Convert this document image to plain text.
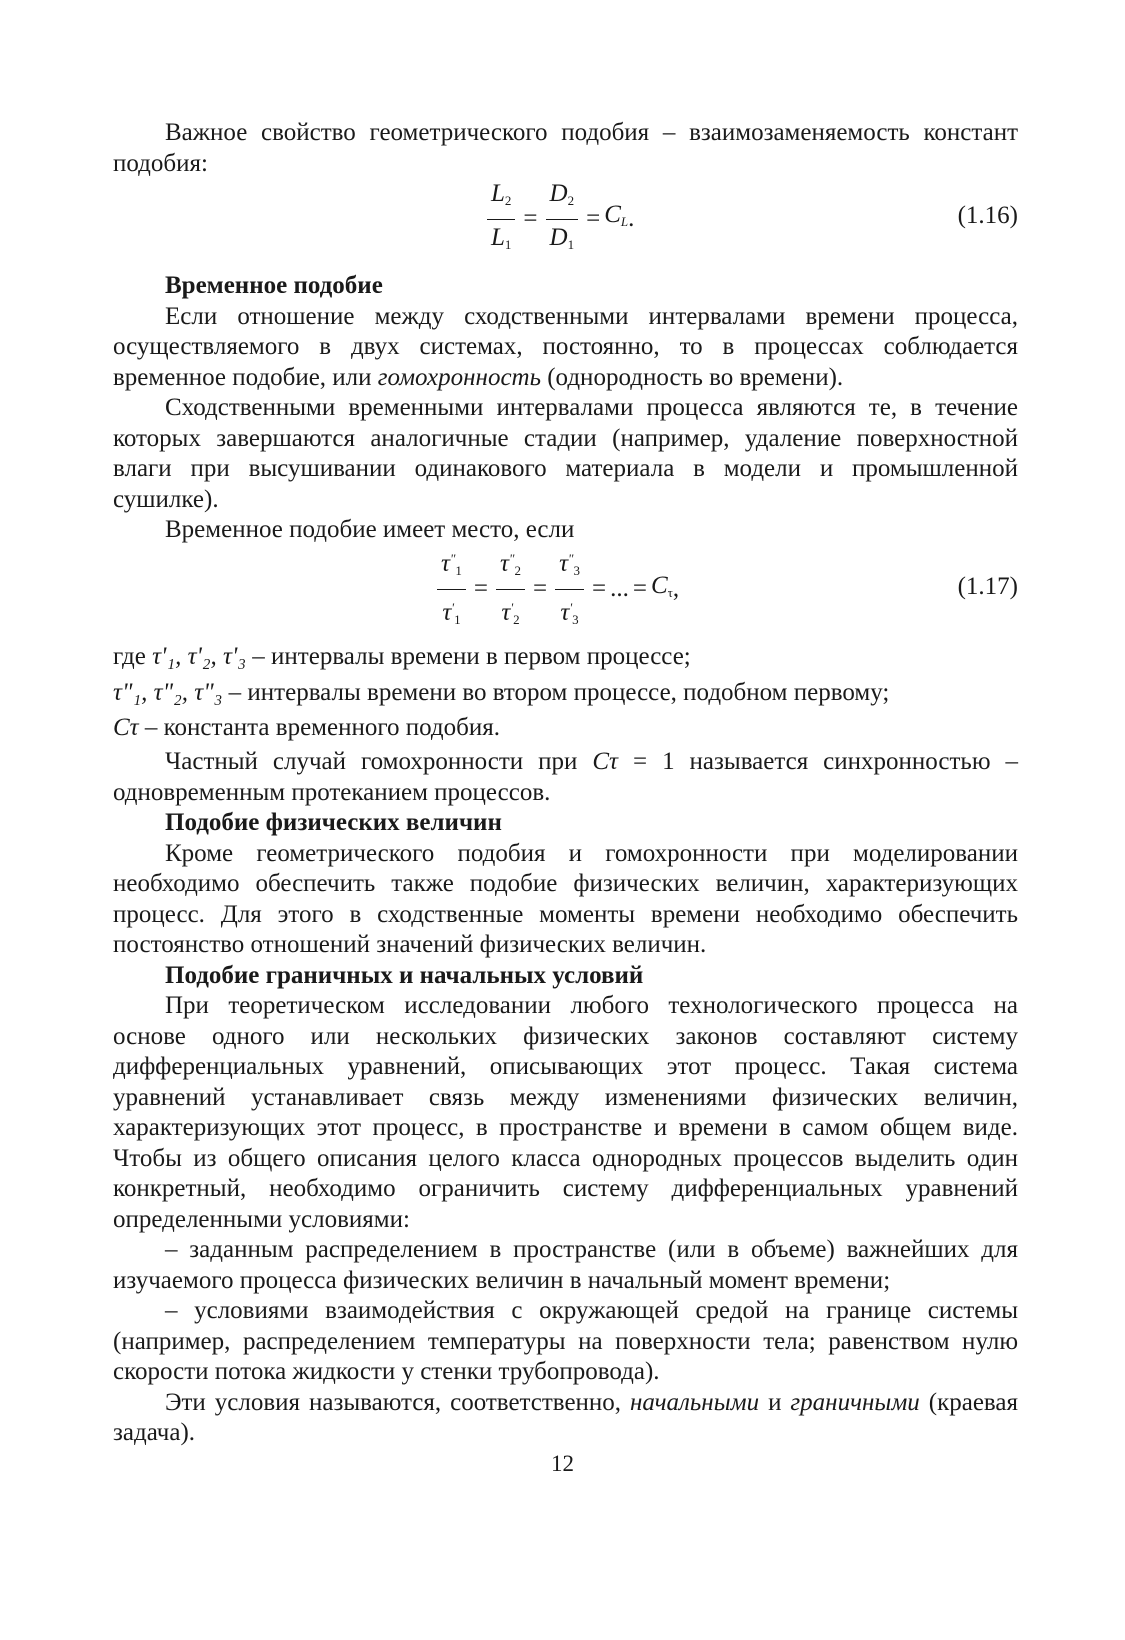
Важное свойство геометрического подобия – взаимозаменяемость констант подобия:

$\frac{L_2}{L_1} = \frac{D_2}{D_1} = C_L$ .	(1.16)
Временное подобие

Если отношение между сходственными интервалами времени процесса, осуществляемого в двух системах, постоянно, то в процессах соблюдается временное подобие, или гомохронность (однородность во времени).

Сходственными временными интервалами процесса являются те, в течение которых завершаются аналогичные стадии (например, удаление поверхностной влаги при высушивании одинакового материала в модели и промышленной сушилке).

Временное подобие имеет место, если

$\frac{\tau^"_1}{\tau'_1} = \frac{\tau^"_2}{\tau'_2} = \frac{\tau^"_3}{\tau'_3}$ = ... = $C_\tau$ ,	(1.17)

где τ'₁, τ'₂, τ'₃ – интервалы времени в первом процессе;

τ"₁, τ"₂, τ"₃ – интервалы времени во втором процессе, подобном первому;

Cτ – константа временного подобия.

Частный случай гомохронности при Cτ = 1 называется синхронностью – одновременным протеканием процессов.

Подобие физических величин

Кроме геометрического подобия и гомохронности при моделировании необходимо обеспечить также подобие физических величин, характеризующих процесс. Для этого в сходственные моменты времени необходимо обеспечить постоянство отношений значений физических величин.

Подобие граничных и начальных условий

При теоретическом исследовании любого технологического процесса на основе одного или нескольких физических законов составляют систему дифференциальных уравнений, описывающих этот процесс. Такая система уравнений устанавливает связь между изменениями физических величин, характеризующих этот процесс, в пространстве и времени в самом общем виде. Чтобы из общего описания целого класса однородных процессов выделить один конкретный, необходимо ограничить систему дифференциальных уравнений определенными условиями:

– заданным распределением в пространстве (или в объеме) важнейших для изучаемого процесса физических величин в начальный момент времени;

– условиями взаимодействия с окружающей средой на границе системы (например, распределением температуры на поверхности тела; равенством нулю скорости потока жидкости у стенки трубопровода).

Эти условия называются, соответственно, начальными и граничными (краевая задача).

12
